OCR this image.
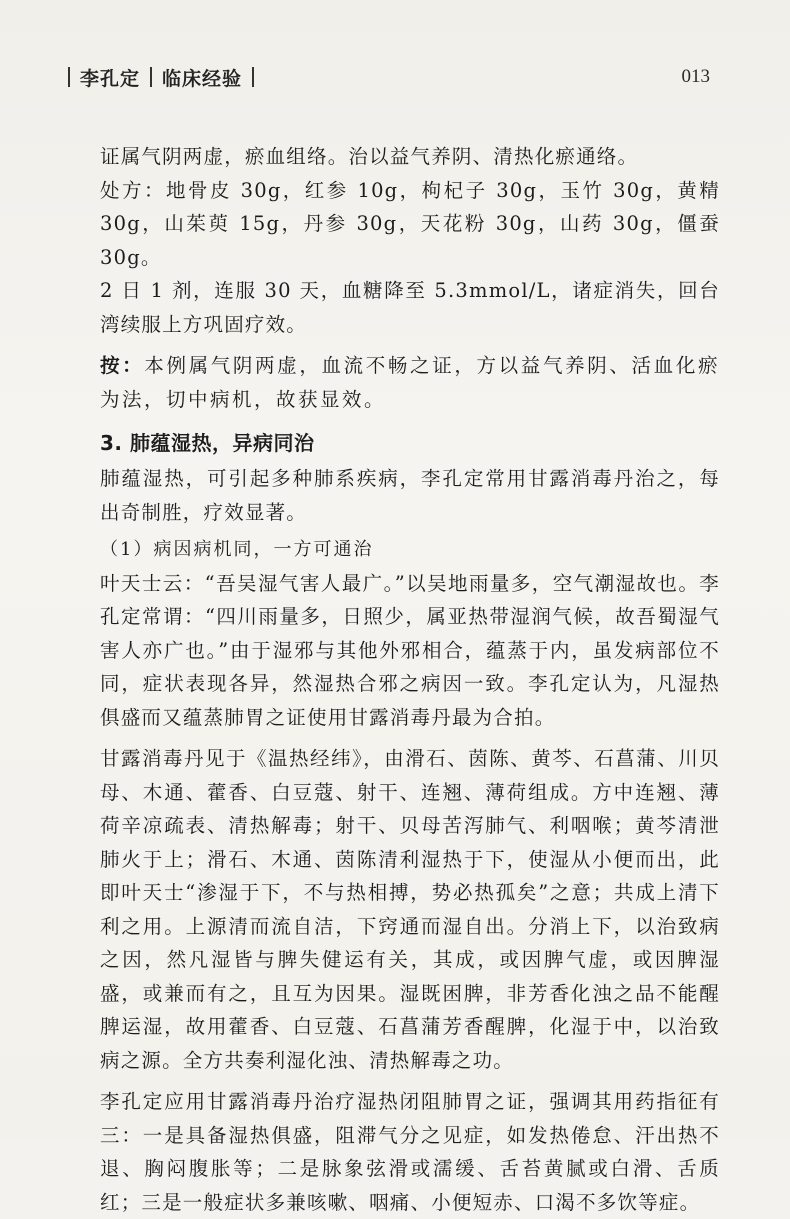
李孔定 临床经验	013

证属气阴两虚，瘀血组络。治以益气养阴、清热化瘀通络。

处方：地骨皮 30g，红参 10g，枸杞子 30g，玉竹 30g，黄精 30g，山茱萸 15g，丹参 30g，天花粉 30g，山药 30g，僵蚕 30g。

2 日 1 剂，连服 30 天，血糖降至 5.3mmol/L，诸症消失，回台湾续服上方巩固疗效。

按：本例属气阴两虚，血流不畅之证，方以益气养阴、活血化瘀为法，切中病机，故获显效。

3. 肺蕴湿热，异病同治

肺蕴湿热，可引起多种肺系疾病，李孔定常用甘露消毒丹治之，每出奇制胜，疗效显著。

（1）病因病机同，一方可通治

叶天士云：“吾吴湿气害人最广。”以吴地雨量多，空气潮湿故也。李孔定常谓：“四川雨量多，日照少，属亚热带湿润气候，故吾蜀湿气害人亦广也。”由于湿邪与其他外邪相合，蕴蒸于内，虽发病部位不同，症状表现各异，然湿热合邪之病因一致。李孔定认为，凡湿热俱盛而又蕴蒸肺胃之证使用甘露消毒丹最为合拍。

甘露消毒丹见于《温热经纬》，由滑石、茵陈、黄芩、石菖蒲、川贝母、木通、藿香、白豆蔻、射干、连翘、薄荷组成。方中连翘、薄荷辛凉疏表、清热解毒；射干、贝母苦泻肺气、利咽喉；黄芩清泄肺火于上；滑石、木通、茵陈清利湿热于下，使湿从小便而出，此即叶天士“渗湿于下，不与热相搏，势必热孤矣”之意；共成上清下利之用。上源清而流自洁，下窍通而湿自出。分消上下，以治致病之因，然凡湿皆与脾失健运有关，其成，或因脾气虚，或因脾湿盛，或兼而有之，且互为因果。湿既困脾，非芳香化浊之品不能醒脾运湿，故用藿香、白豆蔻、石菖蒲芳香醒脾，化湿于中，以治致病之源。全方共奏利湿化浊、清热解毒之功。

李孔定应用甘露消毒丹治疗湿热闭阻肺胃之证，强调其用药指征有三：一是具备湿热俱盛，阻滞气分之见症，如发热倦怠、汗出热不退、胸闷腹胀等；二是脉象弦滑或濡缓、舌苔黄腻或白滑、舌质红；三是一般症状多兼咳嗽、咽痛、小便短赤、口渴不多饮等症。
